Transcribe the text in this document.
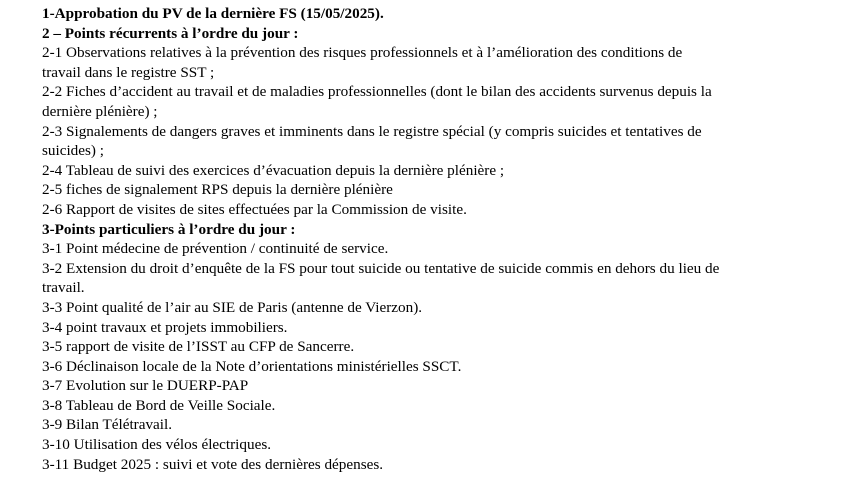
1-Approbation du PV de la dernière FS (15/05/2025).
2 – Points récurrents à l’ordre du jour :
2-1 Observations relatives à la prévention des risques professionnels et à l’amélioration des conditions de
travail dans le registre SST ;
2-2 Fiches d’accident au travail et de maladies professionnelles (dont le bilan des accidents survenus depuis la
dernière plénière) ;
2-3 Signalements de dangers graves et imminents dans le registre spécial (y compris suicides et tentatives de
suicides) ;
2-4 Tableau de suivi des exercices d’évacuation depuis la dernière plénière ;
2-5 fiches de signalement RPS depuis la dernière plénière
2-6 Rapport de visites de sites effectuées par la Commission de visite.
3-Points particuliers à l’ordre du jour :
3-1 Point médecine de prévention / continuité de service.
3-2 Extension du droit d’enquête de la FS pour tout suicide ou tentative de suicide commis en dehors du lieu de
travail.
3-3 Point qualité de l’air au SIE de Paris (antenne de Vierzon).
3-4 point travaux et projets immobiliers.
3-5 rapport de visite de l’ISST au CFP de Sancerre.
3-6 Déclinaison locale de la Note d’orientations ministérielles SSCT.
3-7 Evolution sur le DUERP-PAP
3-8 Tableau de Bord de Veille Sociale.
3-9 Bilan Télétravail.
3-10 Utilisation des vélos électriques.
3-11 Budget 2025 : suivi et vote des dernières dépenses.
